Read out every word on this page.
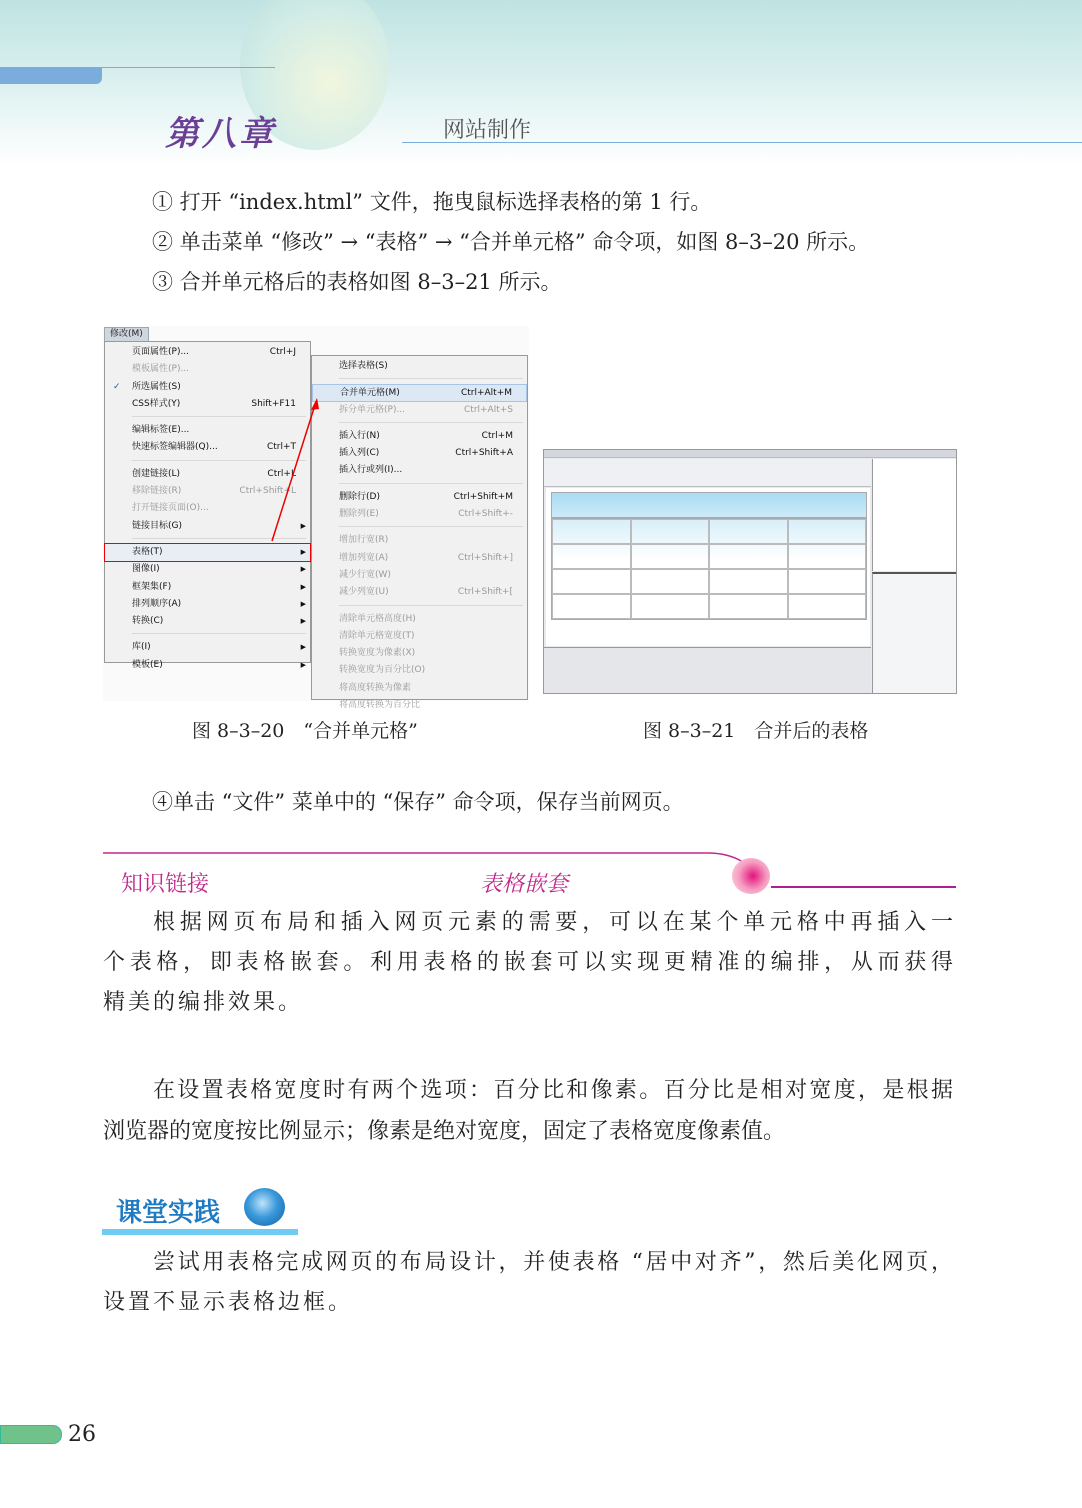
第八章	网站制作
① 打开 “index.html” 文件，拖曳鼠标选择表格的第 1 行。
② 单击菜单 “修改” → “表格” → “合并单元格” 命令项，如图 8–3–20 所示。
③ 合并单元格后的表格如图 8–3–21 所示。
修改(M)
页面属性(P)...	Ctrl+J
模板属性(P)...
✓ 所选属性(S)
CSS样式(Y)	Shift+F11
编辑标签(E)...
快速标签编辑器(Q)...	Ctrl+T
创建链接(L)	Ctrl+L
移除链接(R)	Ctrl+Shift+L
打开链接页面(O)...
链接目标(G)	▶
表格(T)	▶
图像(I)	▶
框架集(F)	▶
排列顺序(A)	▶
转换(C)	▶
库(I)	▶
模板(E)	▶
选择表格(S)
合并单元格(M)	Ctrl+Alt+M
拆分单元格(P)...	Ctrl+Alt+S
插入行(N)	Ctrl+M
插入列(C)	Ctrl+Shift+A
插入行或列(I)...
删除行(D)	Ctrl+Shift+M
删除列(E)	Ctrl+Shift+-
增加行宽(R)
增加列宽(A)	Ctrl+Shift+]
减少行宽(W)
减少列宽(U)	Ctrl+Shift+[
清除单元格高度(H)
清除单元格宽度(T)
转换宽度为像素(X)
转换宽度为百分比(O)
将高度转换为像素
将高度转换为百分比
图 8–3–20　“合并单元格”	图 8–3–21　合并后的表格
④单击 “文件” 菜单中的 “保存” 命令项，保存当前网页。
知识链接	表格嵌套
根据网页布局和插入网页元素的需要，可以在某个单元格中再插入一
个表格，即表格嵌套。利用表格的嵌套可以实现更精准的编排，从而获得
精美的编排效果。
在设置表格宽度时有两个选项：百分比和像素。百分比是相对宽度，是根据
浏览器的宽度按比例显示；像素是绝对宽度，固定了表格宽度像素值。
课堂实践
尝试用表格完成网页的布局设计，并使表格 “居中对齐”，然后美化网页，
设置不显示表格边框。
26
